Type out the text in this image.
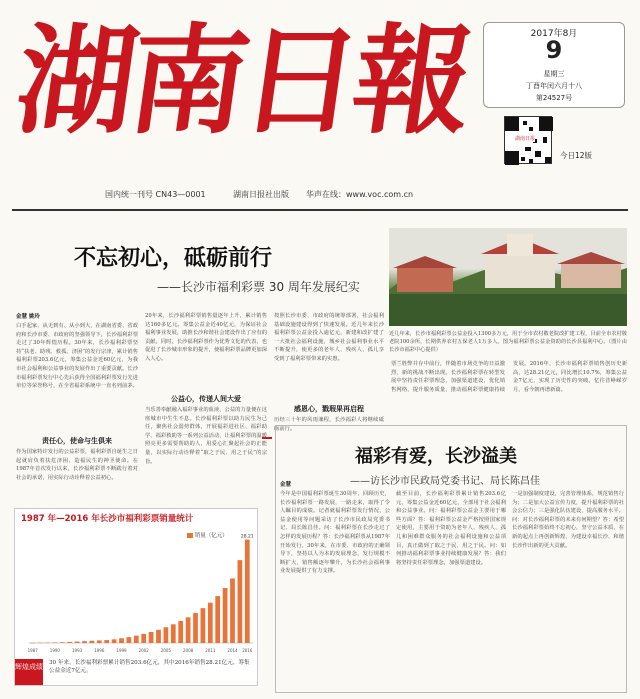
湖南日報	2017年8月
9
星期三
丁酉年闰六月十八
第24527号
湖南日报
今日12版
国内统一刊号 CN43—0001	湖南日报社出版 华声在线：www.voc.com.cn
不忘初心，砥砺前行
——长沙市福利彩票 30 周年发展纪实
近几年来，长沙市福利彩票公益金投入1300多万元，用于全市农村敬老院改扩建工程，目前全市农村敬老院100余所，长期供养农村五保老人1万多人。图为福利彩票公益金资助的长沙县福利中心。（图片由长沙市福彩中心提供）
金慧 姚玲
白手起家、从无到有、从小到大，在湖南省委、省政府和长沙市委、市政府的坚强领导下，长沙福利彩票走过了30年辉煌历程。30年来，长沙福利彩票坚持“扶老、助残、救孤、济困”的发行宗津，累计销售福利彩票203.6亿元，筹集公益金近60亿元，为我市社会福利和公益事业的发展作出了重要贡献。长沙市福利彩票发行中心先后获得全国福利彩票发行先进单位等荣誉称号，在全省福彩系统中一直名列前茅。
责任心，使命与生俱来
作为国家特许发行的公益彩票，福利彩票自诞生之日起就肩负着扶危济困、造福民生的神圣使命。在1987年首次发行以来，长沙福利彩票不断践行着对社会的承诺，用实际行动诠释着公益初心。
20年来，长沙福利彩票销售量逐年上升，累计销售达160多亿元。筹集公益金近40亿元，为保证社会福利事业发展，助推长沙和谐社会建设作出了应有的贡献。同时，长沙福利彩票作为优秀文化的代表，也促进了长沙城市形象的提升，使福利彩票品牌更加深入人心。
公益心，传递人间大爱
当乐善奉献融入福彩事业的血液，公益的力量便在这座城市中生生不息。长沙福利彩票以助力民生为己任，聚焦社会弱势群体，开展福彩进社区、福彩助学、福彩救助等一系列公益活动，让福利彩票的温暖照亮更多需要帮助的人，用爱心汇聚起社会的正能量，以实际行动诠释着“取之于民、用之于民”的宗旨。
按照长沙市委、市政府的统筹部署，社会福利基础设施建设得到了快速发展。近几年来长沙福利彩票公益金投入逾亿元，新建和改扩建了一大批社会福利设施，城乡社会福利事业水平不断提升，使更多的老年人、残疾人、孤儿享受到了福利彩票带来的实惠。
感恩心，戮瑕果再启程
历经三十年的风雨兼程，长沙福彩人将继续砥砺前行。
票兰胜弊并存中前行，伴随着市场竞争的日益激烈，新的挑战不断出现。长沙福利彩票在转型发展中坚持责任彩票理念，加强渠道建设，优化销售网络，提升服务质量，推动福利彩票健康持续发展。2016年，长沙市福利彩票销售创历史新高，达28.21亿元，同比增长10.7%，筹集公益金7亿元，实现了历史性的突破。忆往昔峥嵘岁月，看今朝再谱新篇。
1987 年—2016 年长沙市福利彩票销量统计
1987	1990	1993	1996	1999	2002	2005	2008	2011	2014 2016
28.21
销量（亿元）
辉煌成绩 30 年来，长沙福利彩票累计销售203.6亿元，其中2016年销售28.21亿元，筹集公益金近7亿元。
福彩有爱，长沙溢美
——访长沙市民政局党委书记、局长陈昌佳
金慧
今年是中国福利彩票诞生30周年，回顾历史，长沙福利彩票一路发展，一路走来，取得了令人瞩目的成绩。记者就福利彩票发行情况、公益金使用等问题采访了长沙市民政局党委书记、局长陈昌佳。问：福利彩票在长沙走过了怎样的发展历程？答：长沙福利彩票从1987年开始发行，30年来，在市委、市政府的正确领导下，坚持以人为本的发展理念，发行规模不断扩大，销售额逐年攀升，为长沙社会福利事业发展提供了有力支撑。
截至目前，长沙福利彩票累计销售203.6亿元，筹集公益金近60亿元，全部用于社会福利和公益事业。问：福利彩票公益金主要用于哪些方面？答：福利彩票公益金严格按照国家规定使用，主要用于资助为老年人、残疾人、孤儿和困难群众服务的社会福利设施和公益项目，真正做到了取之于民、用之于民。问：如何推动福利彩票事业持续健康发展？答：我们将坚持责任彩票理念，加强渠道建设。
一是加强制度建设，完善管理体系，规范销售行为；二是加大公益宣传力度，提升福利彩票的社会公信力；三是强化队伍建设，提高服务水平。问：对长沙福利彩票的未来有何期望？答：希望长沙福利彩票始终不忘初心，坚守公益本质，在新的起点上再创新辉煌，为建设幸福长沙、和谐长沙作出新的更大贡献。
